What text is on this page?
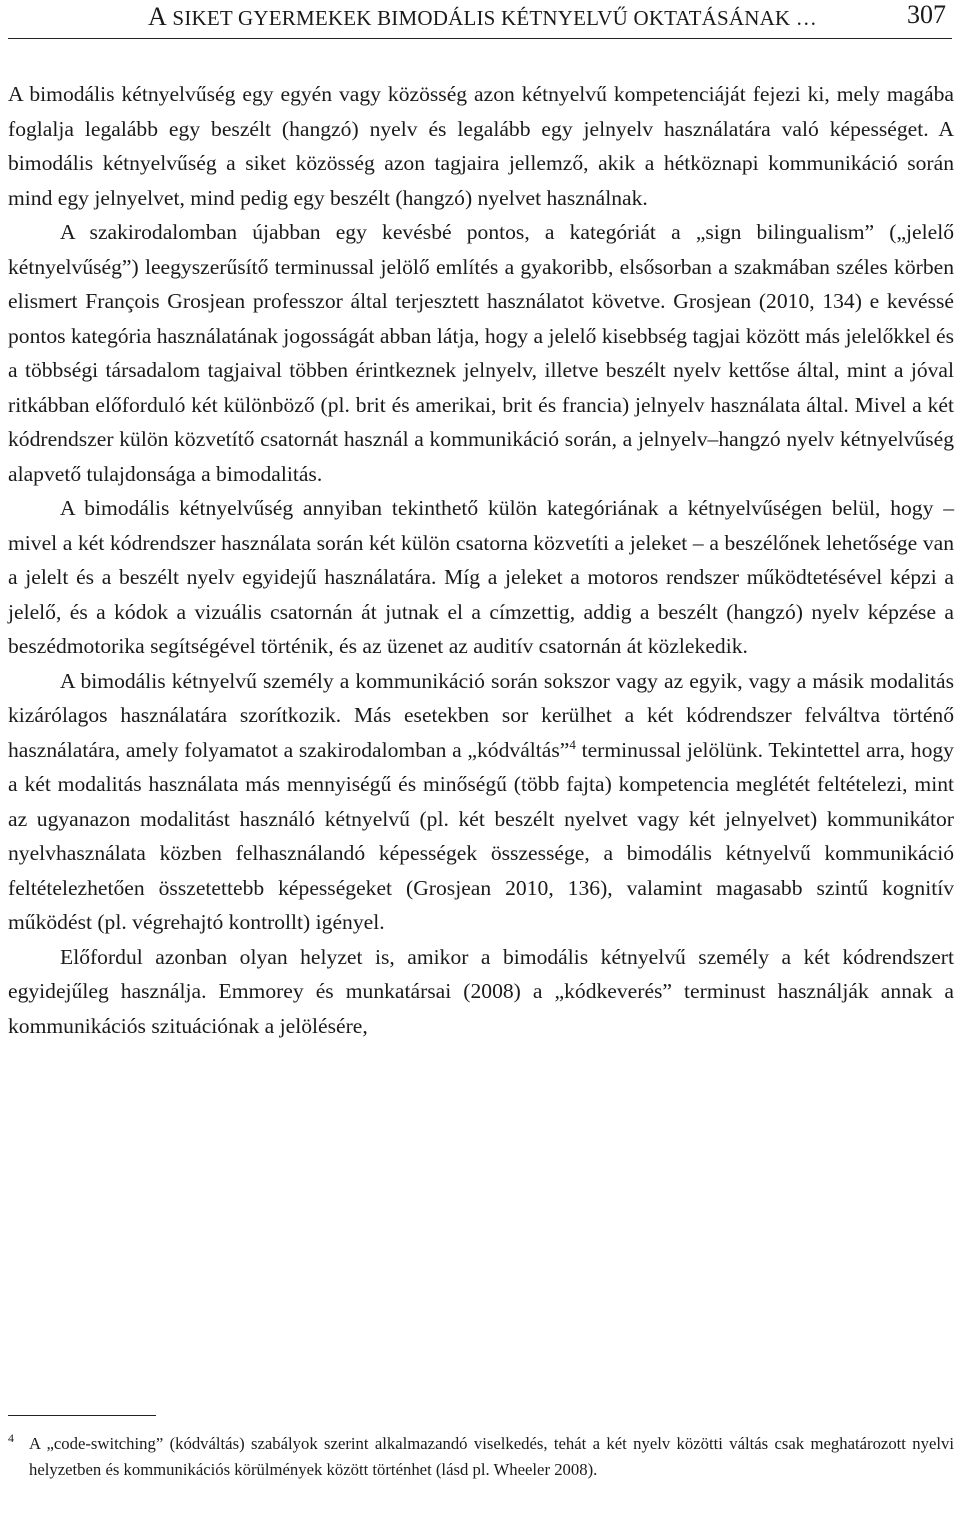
A SIKET GYERMEKEK BIMODÁLIS KÉTNYELVŰ OKTATÁSÁNAK …	307

A bimodális kétnyelvűség egy egyén vagy közösség azon kétnyelvű kompetenciáját fejezi ki, mely magába foglalja legalább egy beszélt (hangzó) nyelv és legalább egy jelnyelv használatára való képességet. A bimodális kétnyelvűség a siket közösség azon tagjaira jellemző, akik a hétköznapi kommunikáció során mind egy jelnyelvet, mind pedig egy beszélt (hangzó) nyelvet használnak.

A szakirodalomban újabban egy kevésbé pontos, a kategóriát a „sign bilingualism” („jelelő kétnyelvűség”) leegyszerűsítő terminussal jelölő említés a gyakoribb, elsősorban a szakmában széles körben elismert François Grosjean professzor által terjesztett használatot követve. Grosjean (2010, 134) e kevéssé pontos kategória használatának jogosságát abban látja, hogy a jelelő kisebbség tagjai között más jelelőkkel és a többségi társadalom tagjaival többen érintkeznek jelnyelv, illetve beszélt nyelv kettőse által, mint a jóval ritkábban előforduló két különböző (pl. brit és amerikai, brit és francia) jelnyelv használata által. Mivel a két kódrendszer külön közvetítő csatornát használ a kommunikáció során, a jelnyelv–hangzó nyelv kétnyelvűség alapvető tulajdonsága a bimodalitás.

A bimodális kétnyelvűség annyiban tekinthető külön kategóriának a kétnyelvűségen belül, hogy – mivel a két kódrendszer használata során két külön csatorna közvetíti a jeleket – a beszélőnek lehetősége van a jelelt és a beszélt nyelv egyidejű használatára. Míg a jeleket a motoros rendszer működtetésével képzi a jelelő, és a kódok a vizuális csatornán át jutnak el a címzettig, addig a beszélt (hangzó) nyelv képzése a beszédmotorika segítségével történik, és az üzenet az auditív csatornán át közlekedik.

A bimodális kétnyelvű személy a kommunikáció során sokszor vagy az egyik, vagy a másik modalitás kizárólagos használatára szorítkozik. Más esetekben sor kerülhet a két kódrendszer felváltva történő használatára, amely folyamatot a szakirodalomban a „kódváltás”$^4$ terminussal jelölünk. Tekintettel arra, hogy a két modalitás használata más mennyiségű és minőségű (több fajta) kompetencia meglétét feltételezi, mint az ugyanazon modalitást használó kétnyelvű (pl. két beszélt nyelvet vagy két jelnyelvet) kommunikátor nyelvhasználata közben felhasználandó képességek összessége, a bimodális kétnyelvű kommunikáció feltételezhetően összetettebb képességeket (Grosjean 2010, 136), valamint magasabb szintű kognitív működést (pl. végrehajtó kontrollt) igényel.

Előfordul azonban olyan helyzet is, amikor a bimodális kétnyelvű személy a két kódrendszert egyidejűleg használja. Emmorey és munkatársai (2008) a „kódkeverés” terminust használják annak a kommunikációs szituációnak a jelölésére,

4 A „code-switching” (kódváltás) szabályok szerint alkalmazandó viselkedés, tehát a két nyelv közötti váltás csak meghatározott nyelvi helyzetben és kommunikációs körülmények között történhet (lásd pl. Wheeler 2008).
